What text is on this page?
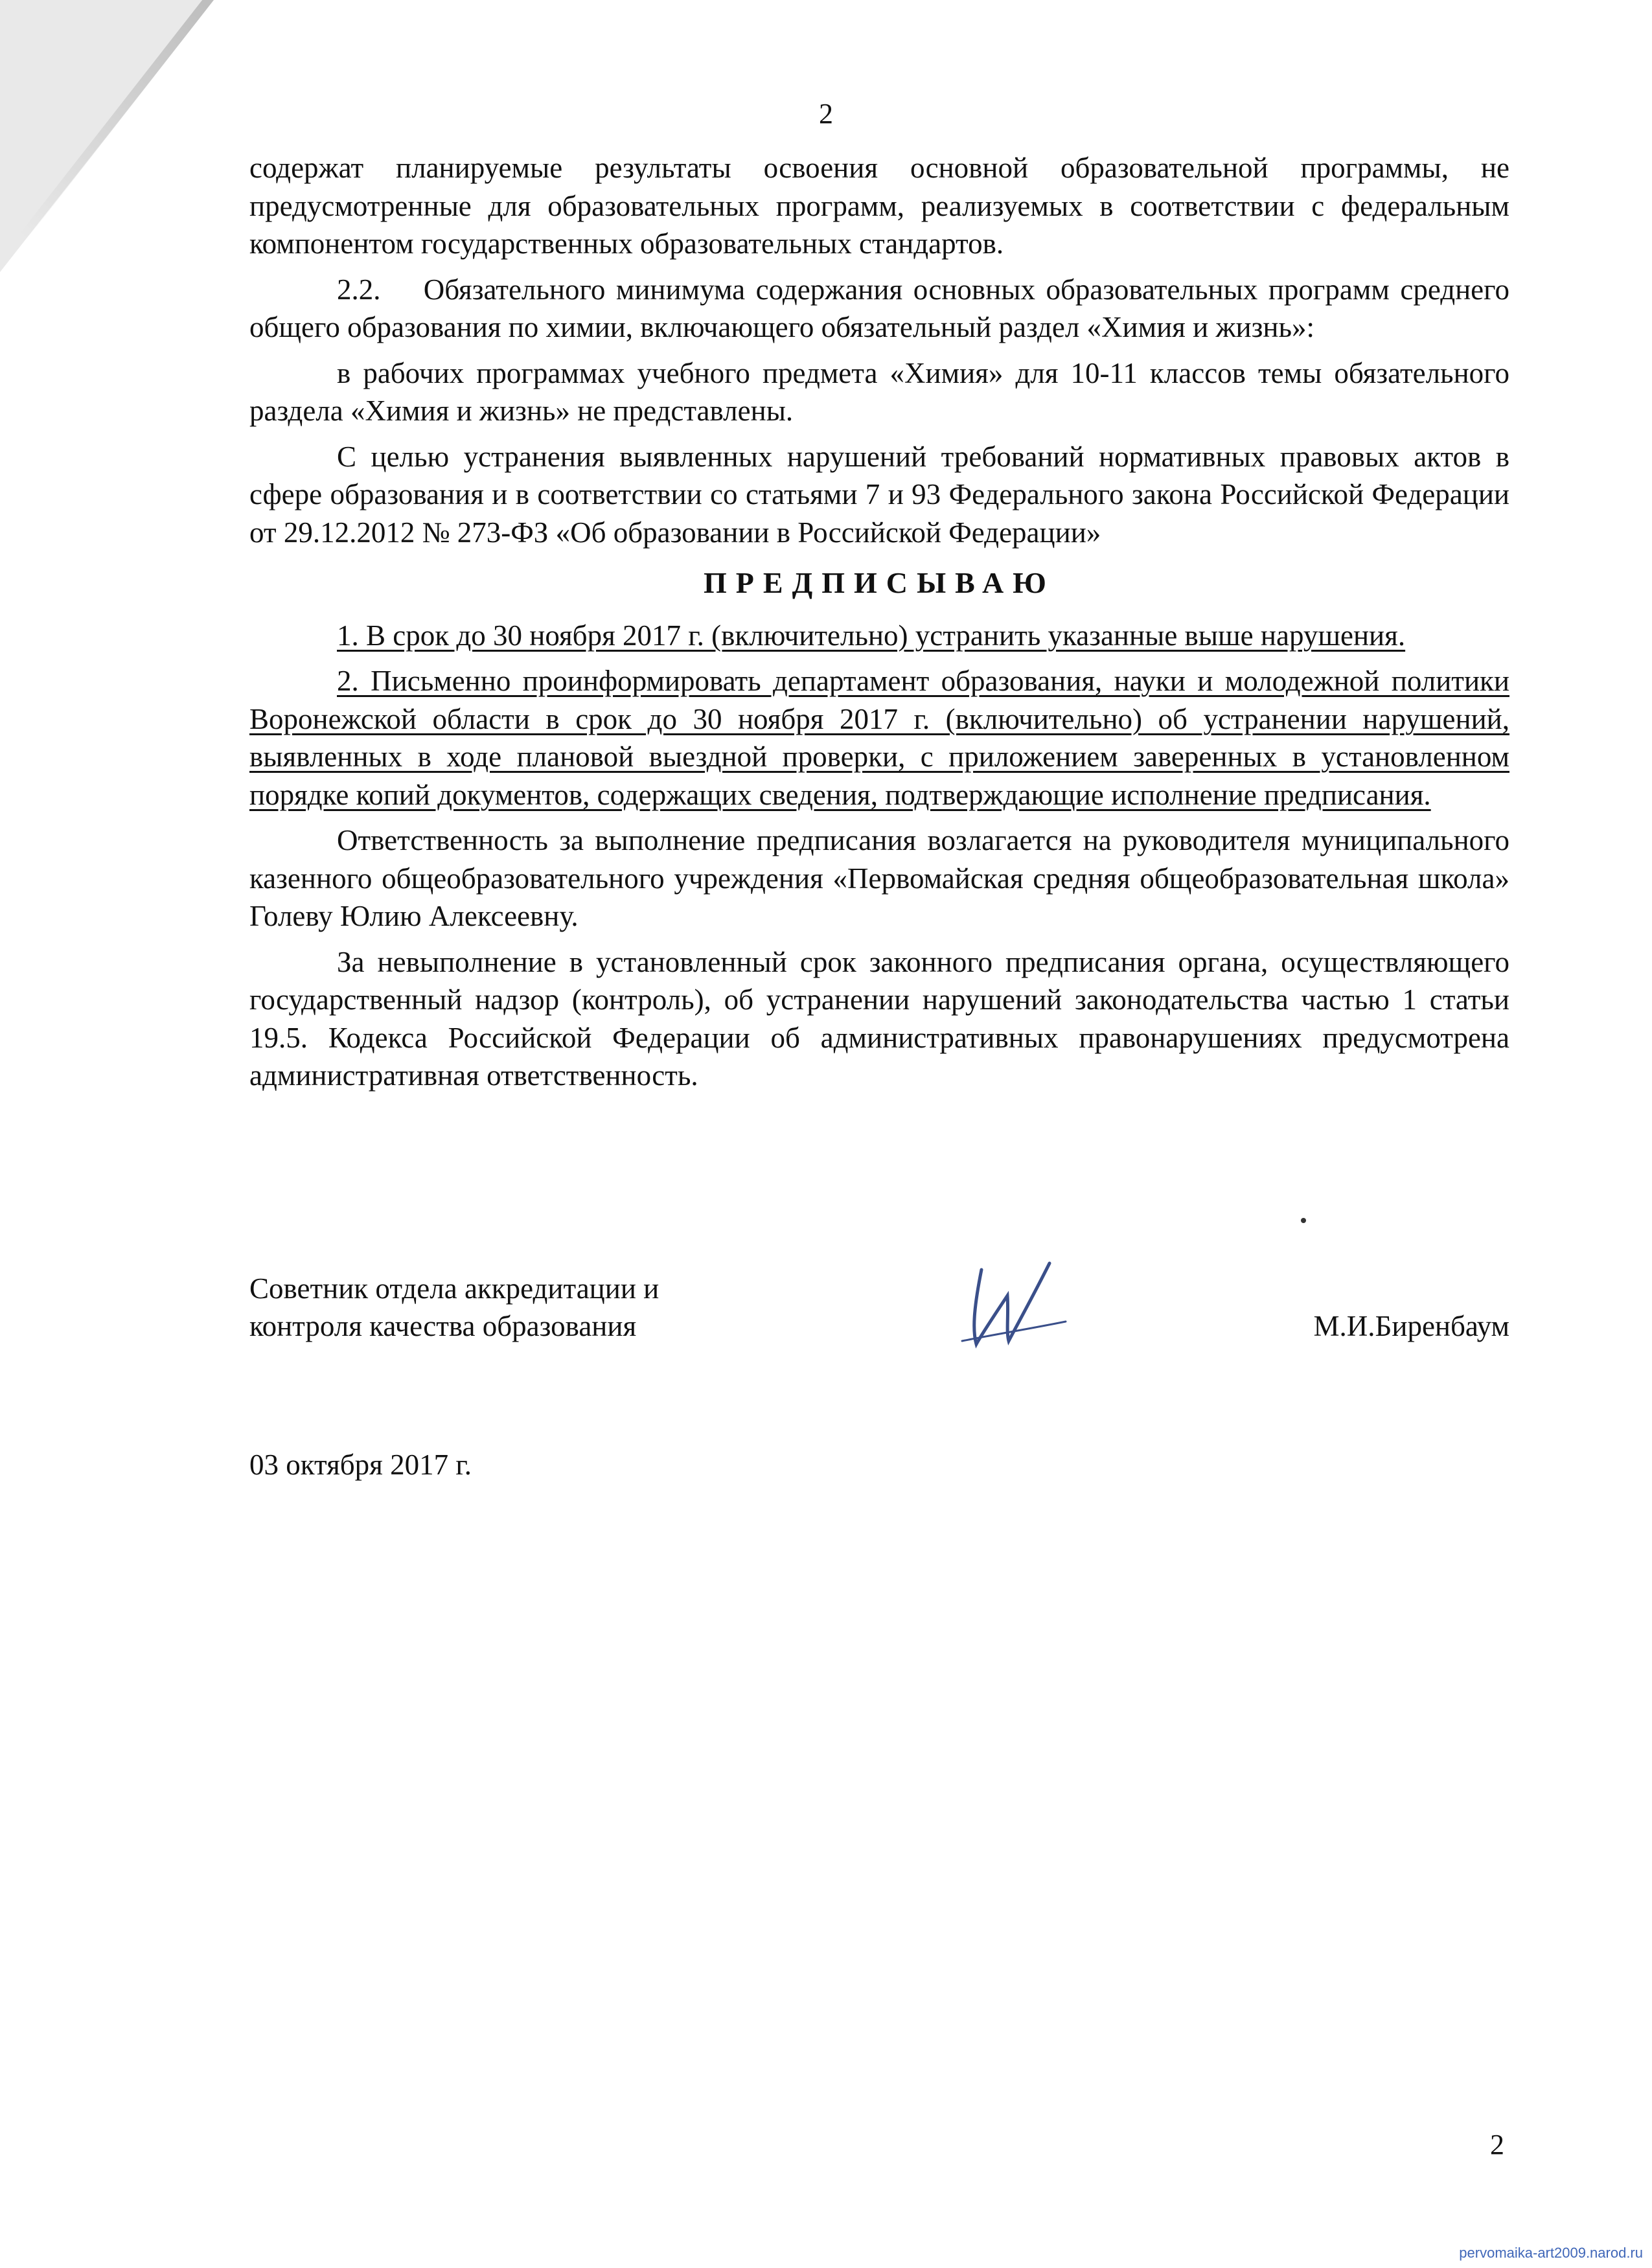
2

содержат планируемые результаты освоения основной образовательной программы, не предусмотренные для образовательных программ, реализуемых в соответствии с федеральным компонентом государственных образовательных стандартов.

2.2.    Обязательного минимума содержания основных образовательных программ среднего общего образования по химии, включающего обязательный раздел «Химия и жизнь»:

в рабочих программах учебного предмета «Химия» для 10-11 классов темы обязательного раздела «Химия и жизнь» не представлены.

С целью устранения выявленных нарушений требований нормативных правовых актов в сфере образования и в соответствии со статьями 7 и 93 Федерального закона Российской Федерации от 29.12.2012 № 273-ФЗ «Об образовании в Российской Федерации»

ПРЕДПИСЫВАЮ

1. В срок до 30 ноября 2017 г. (включительно) устранить указанные выше нарушения.

2. Письменно проинформировать департамент образования, науки и молодежной политики Воронежской области в срок до 30 ноября 2017 г. (включительно) об устранении нарушений, выявленных в ходе плановой выездной проверки, с приложением заверенных в установленном порядке копий документов, содержащих сведения, подтверждающие исполнение предписания.

Ответственность за выполнение предписания возлагается на руководителя муниципального казенного общеобразовательного учреждения «Первомайская средняя общеобразовательная школа» Голеву Юлию Алексеевну.

За невыполнение в установленный срок законного предписания органа, осуществляющего государственный надзор (контроль), об устранении нарушений законодательства частью 1 статьи 19.5. Кодекса Российской Федерации об административных правонарушениях предусмотрена административная ответственность.

Советник отдела аккредитации и
контроля качества образования	М.И.Биренбаум
03 октября 2017 г.
2
pervomaika-art2009.narod.ru
